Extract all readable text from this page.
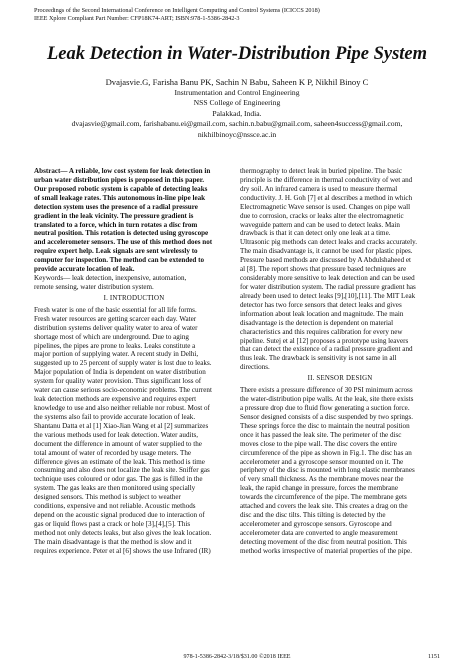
Proceedings of the Second International Conference on Intelligent Computing and Control Systems (ICICCS 2018)
IEEE Xplore Compliant Part Number: CFP18K74-ART; ISBN:978-1-5386-2842-3
Leak Detection in Water-Distribution Pipe System
Dvajasvie.G, Farisha Banu PK, Sachin N Babu, Saheen K P, Nikhil Binoy C
Instrumentation and Control Engineering
NSS College of Engineering
Palakkad, India.
dvajasvie@gmail.com, farishabanu.ei@gmail.com, sachin.n.babu@gmail.com, saheen4success@gmail.com,
nikhilbinoyc@nssce.ac.in

Abstract— A reliable, low cost system for leak detection in
urban water distribution pipes is proposed in this paper.
Our proposed robotic system is capable of detecting leaks
of small leakage rates. This autonomous in-line pipe leak
detection system uses the presence of a radial pressure
gradient in the leak vicinity. The pressure gradient is
translated to a force, which in turn rotates a disc from
neutral position. This rotation is detected using gyroscope
and accelerometer sensors. The use of this method does not
require expert help. Leak signals are sent wirelessly to
computer for inspection. The method can be extended to
provide accurate location of leak.

Keywords— leak detection, inexpensive, automation,
remote sensing, water distribution system.

I. INTRODUCTION

Fresh water is one of the basic essential for all life forms.
Fresh water resources are getting scarcer each day. Water
distribution systems deliver quality water to area of water
shortage most of which are underground. Due to aging
pipelines, the pipes are prone to leaks. Leaks constitute a
major portion of supplying water. A recent study in Delhi,
suggested up to 25 percent of supply water is lost due to leaks.
Major population of India is dependent on water distribution
system for quality water provision. Thus significant loss of
water can cause serious socio-economic problems. The current
leak detection methods are expensive and requires expert
knowledge to use and also neither reliable nor robust. Most of
the systems also fail to provide accurate location of leak.
Shantanu Datta et al [1] Xiao-Jian Wang et al [2] summarizes
the various methods used for leak detection. Water audits,
document the difference in amount of water supplied to the
total amount of water of recorded by usage meters. The
difference gives an estimate of the leak. This method is time
consuming and also does not localize the leak site. Sniffer gas
technique uses coloured or odor gas. The gas is filled in the
system. The gas leaks are then monitored using specially
designed sensors. This method is subject to weather
conditions, expensive and not reliable. Acoustic methods
depend on the acoustic signal produced due to interaction of
gas or liquid flows past a crack or hole [3],[4],[5]. This
method not only detects leaks, but also gives the leak location.
The main disadvantage is that the method is slow and it
requires experience. Peter et al [6] shows the use Infrared (IR)

thermography to detect leak in buried pipeline. The basic
principle is the difference in thermal conductivity of wet and
dry soil. An infrared camera is used to measure thermal
conductivity. J. H. Goh [7] et al describes a method in which
Electromagnetic Wave sensor is used. Changes on pipe wall
due to corrosion, cracks or leaks alter the electromagnetic
waveguide pattern and can be used to detect leaks. Main
drawback is that it can detect only one leak at a time.
Ultrasonic pig methods can detect leaks and cracks accurately.
The main disadvantage is, it cannot be used for plastic pipes.
Pressure based methods are discussed by A Abdulshaheed et
al [8]. The report shows that pressure based techniques are
considerably more sensitive to leak detection and can be used
for water distribution system. The radial pressure gradient has
already been used to detect leaks [9],[10],[11]. The MIT Leak
detector has two force sensors that detect leaks and gives
information about leak location and magnitude. The main
disadvantage is the detection is dependent on material
characteristics and this requires calibration for every new
pipeline. Sutej et al [12] proposes a prototype using leavers
that can detect the existence of a radial pressure gradient and
thus leak. The drawback is sensitivity is not same in all
directions.

II. SENSOR DESIGN

There exists a pressure difference of 30 PSI minimum across
the water-distribution pipe walls. At the leak, site there exists
a pressure drop due to fluid flow generating a suction force.
Sensor designed consists of a disc suspended by two springs.
These springs force the disc to maintain the neutral position
once it has passed the leak site. The perimeter of the disc
moves close to the pipe wall. The disc covers the entire
circumference of the pipe as shown in Fig.1. The disc has an
accelerometer and a gyroscope sensor mounted on it. The
periphery of the disc is mounted with long elastic membranes
of very small thickness. As the membrane moves near the
leak, the rapid change in pressure, forces the membrane
towards the circumference of the pipe. The membrane gets
attached and covers the leak site. This creates a drag on the
disc and the disc tilts. This tilting is detected by the
accelerometer and gyroscope sensors. Gyroscope and
accelerometer data are converted to angle measurement
detecting movement of the disc from neutral position. This
method works irrespective of material properties of the pipe.

978-1-5386-2842-3/18/$31.00 ©2018 IEEE	1151
